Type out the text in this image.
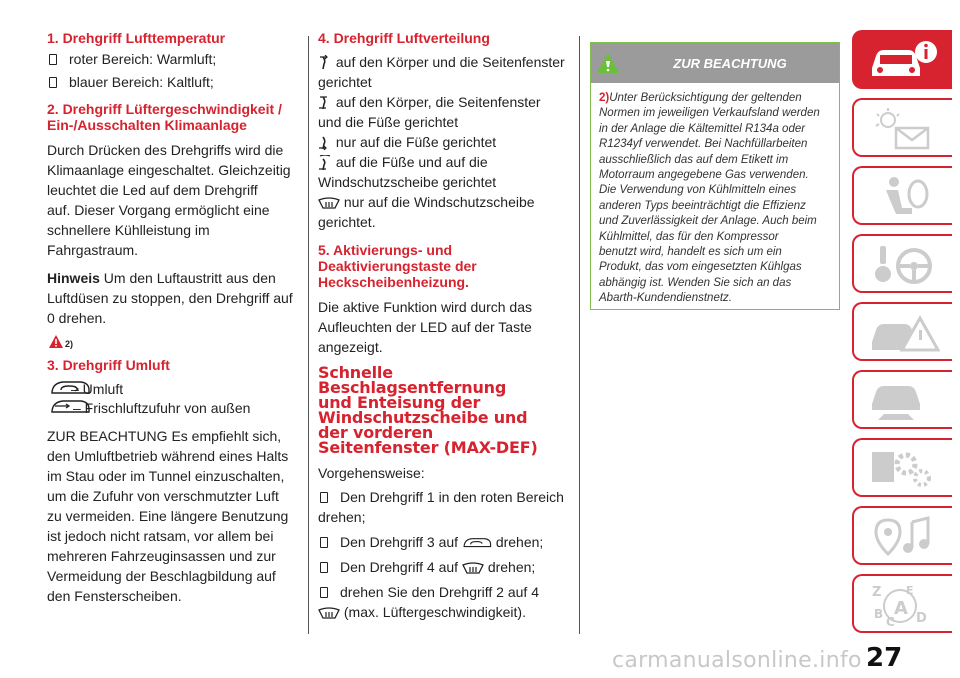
1. Drehgriff Lufttemperatur
roter Bereich: Warmluft;
blauer Bereich: Kaltluft;
2. Drehgriff Lüftergeschwindigkeit /
Ein-/Ausschalten Klimaanlage
Durch Drücken des Drehgriffs wird die
Klimaanlage eingeschaltet. Gleichzeitig
leuchtet die Led auf dem Drehgriff
auf. Dieser Vorgang ermöglicht eine
schnellere Kühlleistung im
Fahrgastraum.
Hinweis Um den Luftaustritt aus den
Luftdüsen zu stoppen, den Drehgriff auf
0 drehen.
2)
3. Drehgriff Umluft
– Umluft
– Frischluftzufuhr von außen
ZUR BEACHTUNG Es empfiehlt sich,
den Umluftbetrieb während eines Halts
im Stau oder im Tunnel einzuschalten,
um die Zufuhr von verschmutzter Luft
zu vermeiden. Eine längere Benutzung
ist jedoch nicht ratsam, vor allem bei
mehreren Fahrzeuginsassen und zur
Vermeidung der Beschlagbildung auf
den Fensterscheiben.
4. Drehgriff Luftverteilung
auf den Körper und die Seitenfenster
gerichtet
auf den Körper, die Seitenfenster
und die Füße gerichtet
nur auf die Füße gerichtet
auf die Füße und auf die
Windschutzscheibe gerichtet
nur auf die Windschutzscheibe
gerichtet.
5. Aktivierungs- und
Deaktivierungstaste der
Heckscheibenheizung.
Die aktive Funktion wird durch das
Aufleuchten der LED auf der Taste
angezeigt.
Schnelle
Beschlagsentfernung
und Enteisung der
Windschutzscheibe und
der vorderen
Seitenfenster (MAX-DEF)
Vorgehensweise:
Den Drehgriff 1 in den roten Bereich
drehen;
Den Drehgriff 3 auf	drehen;
Den Drehgriff 4 auf drehen;
drehen Sie den Drehgriff 2 auf 4
(max. Lüftergeschwindigkeit).
ZUR BEACHTUNG
2)Unter Berücksichtigung der geltenden
Normen im jeweiligen Verkaufsland werden
in der Anlage die Kältemittel R134a oder
R1234yf verwendet. Bei Nachfüllarbeiten
ausschließlich das auf dem Etikett im
Motorraum angegebene Gas verwenden.
Die Verwendung von Kühlmitteln eines
anderen Typs beeinträchtigt die Effizienz
und Zuverlässigkeit der Anlage. Auch beim
Kühlmittel, das für den Kompressor
benutzt wird, handelt es sich um ein
Produkt, das vom eingesetzten Kühlgas
abhängig ist. Wenden Sie sich an das
Abarth-Kundendienstnetz.
Z E
B A
C D
27
carmanualsonline.info
